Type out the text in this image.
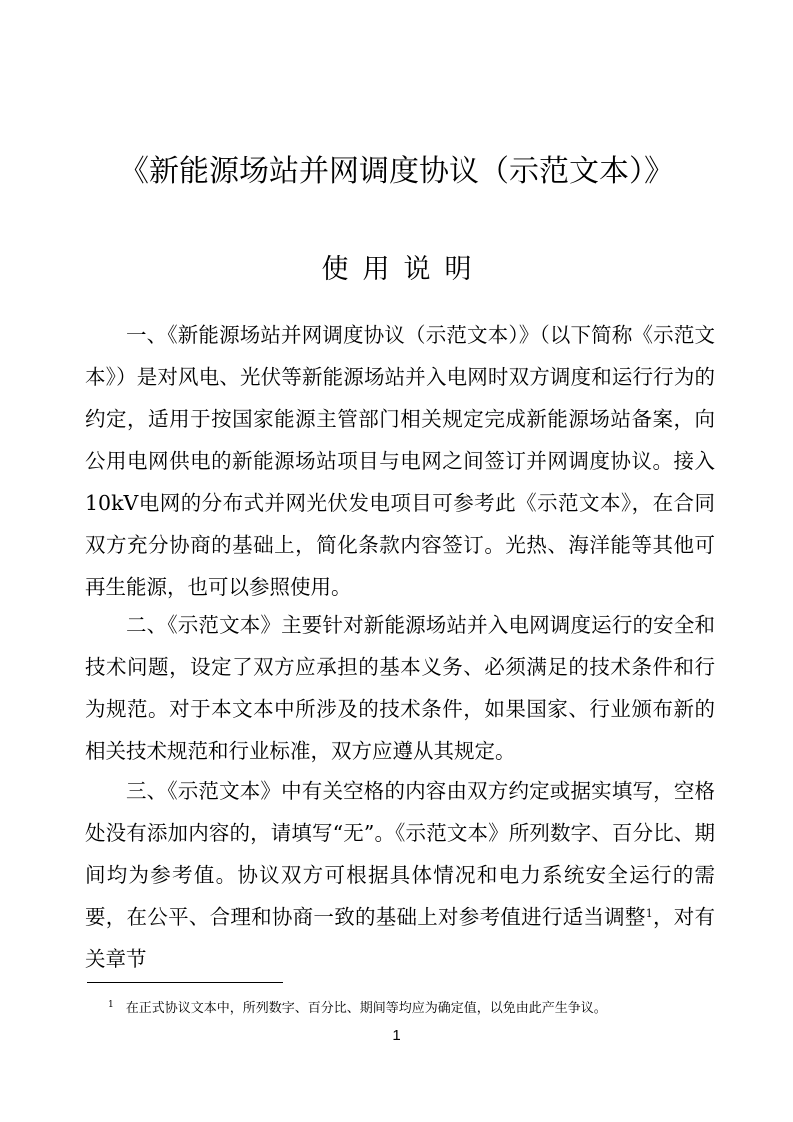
《新能源场站并网调度协议（示范文本）》
使用说明

一、《新能源场站并网调度协议（示范文本）》（以下简称《示范文本》）是对风电、光伏等新能源场站并入电网时双方调度和运行行为的约定，适用于按国家能源主管部门相关规定完成新能源场站备案，向公用电网供电的新能源场站项目与电网之间签订并网调度协议。接入10kV电网的分布式并网光伏发电项目可参考此《示范文本》，在合同双方充分协商的基础上，简化条款内容签订。光热、海洋能等其他可再生能源，也可以参照使用。

二、《示范文本》主要针对新能源场站并入电网调度运行的安全和技术问题，设定了双方应承担的基本义务、必须满足的技术条件和行为规范。对于本文本中所涉及的技术条件，如果国家、行业颁布新的相关技术规范和行业标准，双方应遵从其规定。

三、《示范文本》中有关空格的内容由双方约定或据实填写，空格处没有添加内容的，请填写“无”。《示范文本》所列数字、百分比、期间均为参考值。协议双方可根据具体情况和电力系统安全运行的需要，在公平、合理和协商一致的基础上对参考值进行适当调整$^1$，对有关章节

1 在正式协议文本中，所列数字、百分比、期间等均应为确定值，以免由此产生争议。
1
